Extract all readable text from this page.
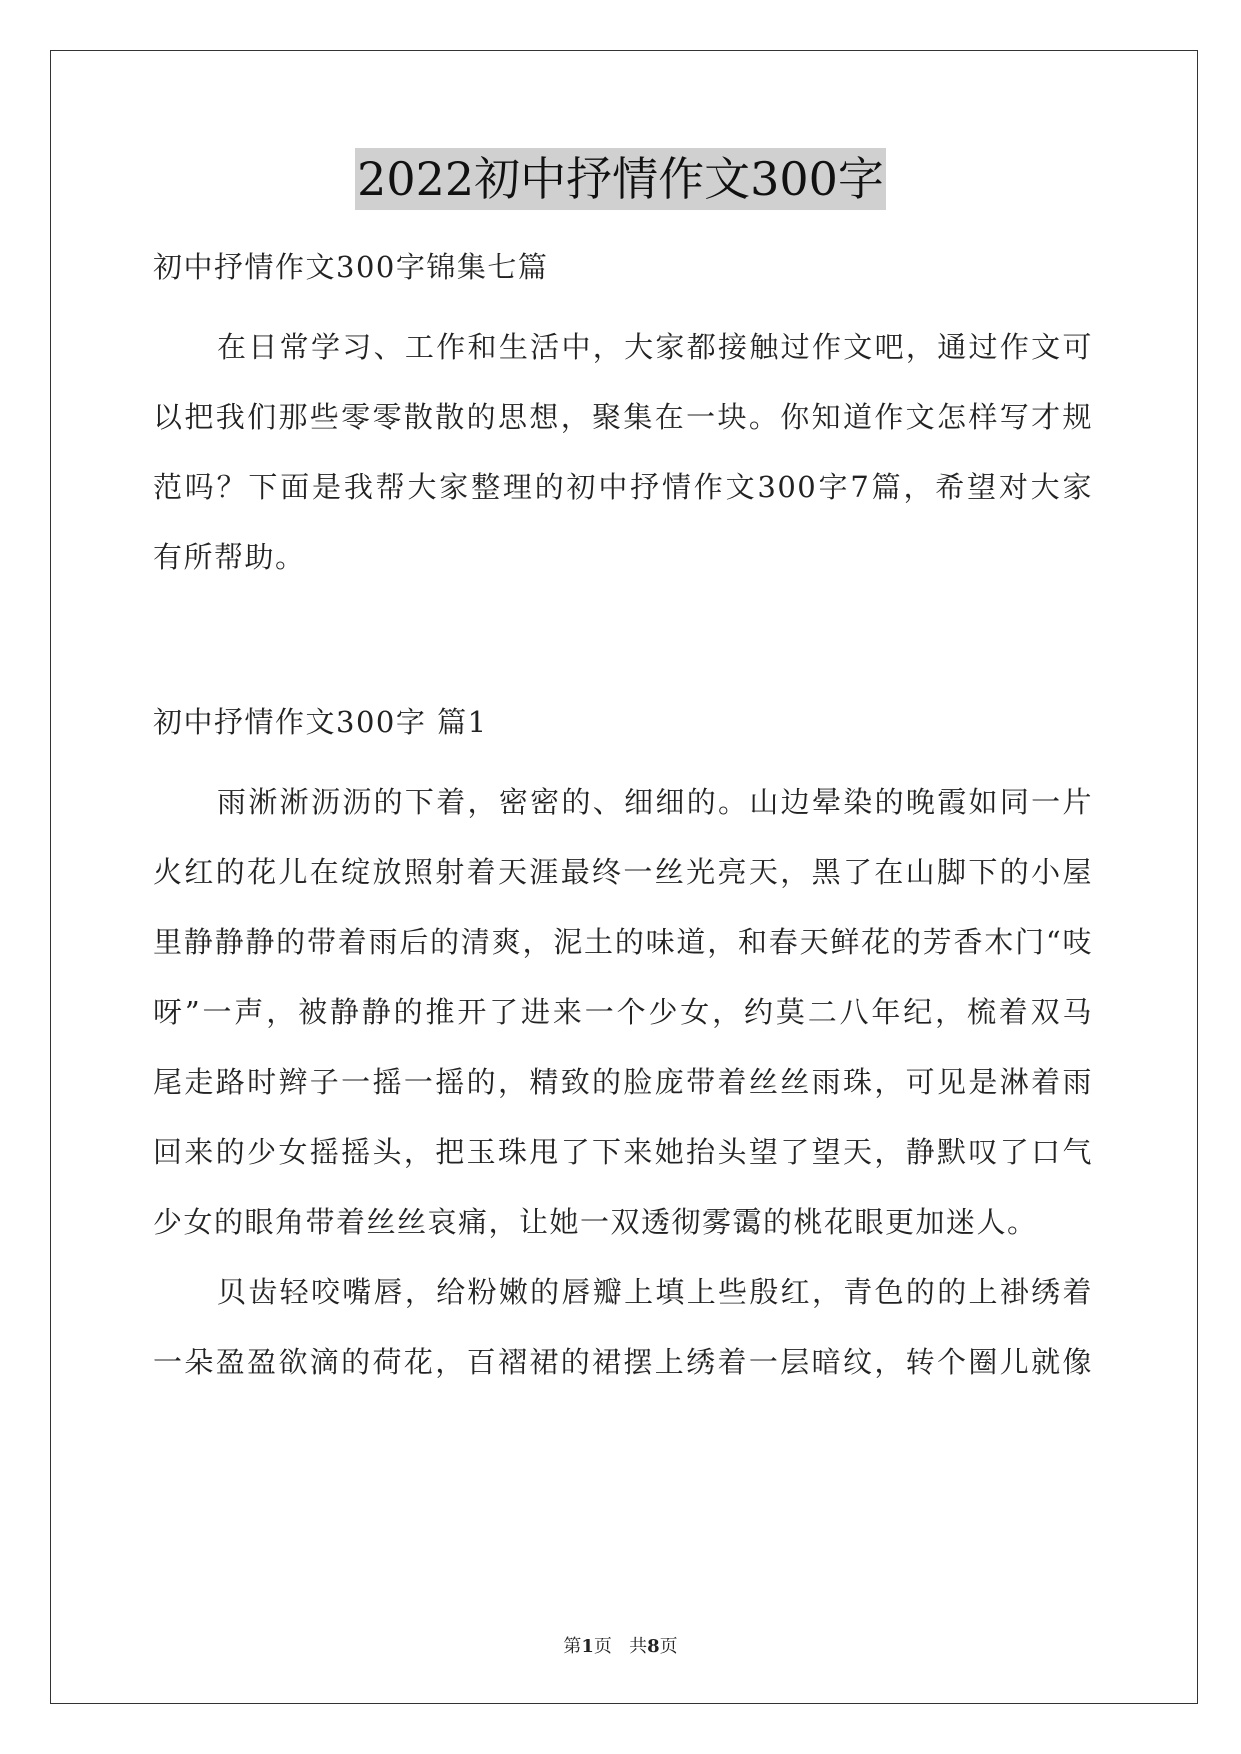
2022初中抒情作文300字
初中抒情作文300字锦集七篇
在日常学习、工作和生活中，大家都接触过作文吧，通过作文可
以把我们那些零零散散的思想，聚集在一块。你知道作文怎样写才规
范吗？下面是我帮大家整理的初中抒情作文300字7篇，希望对大家
有所帮助。
初中抒情作文300字 篇1
雨淅淅沥沥的下着，密密的、细细的。山边晕染的晚霞如同一片
火红的花儿在绽放照射着天涯最终一丝光亮天，黑了在山脚下的小屋
里静静静的带着雨后的清爽，泥土的味道，和春天鲜花的芳香木门“吱
呀”一声，被静静的推开了进来一个少女，约莫二八年纪，梳着双马
尾走路时辫子一摇一摇的，精致的脸庞带着丝丝雨珠，可见是淋着雨
回来的少女摇摇头，把玉珠甩了下来她抬头望了望天，静默叹了口气
少女的眼角带着丝丝哀痛，让她一双透彻雾霭的桃花眼更加迷人。
贝齿轻咬嘴唇，给粉嫩的唇瓣上填上些殷红，青色的的上褂绣着
一朵盈盈欲滴的荷花，百褶裙的裙摆上绣着一层暗纹，转个圈儿就像
第1页 共8页
